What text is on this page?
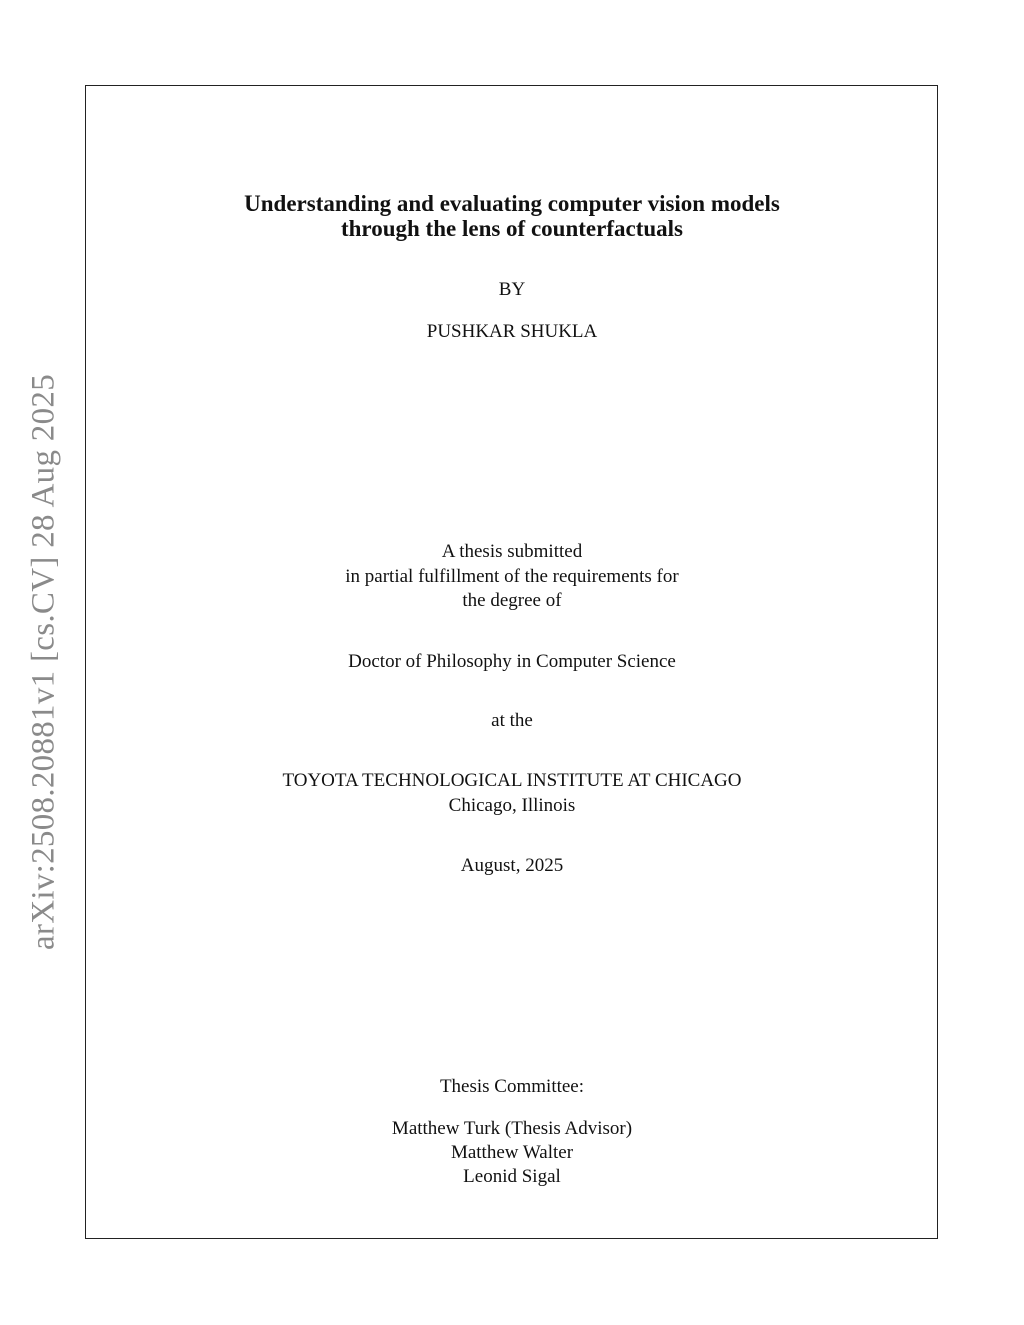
arXiv:2508.20881v1 [cs.CV] 28 Aug 2025
Understanding and evaluating computer vision models
through the lens of counterfactuals
BY
PUSHKAR SHUKLA
A thesis submitted
in partial fulfillment of the requirements for
the degree of
Doctor of Philosophy in Computer Science
at the
TOYOTA TECHNOLOGICAL INSTITUTE AT CHICAGO
Chicago, Illinois
August, 2025
Thesis Committee:
Matthew Turk (Thesis Advisor)
Matthew Walter
Leonid Sigal
